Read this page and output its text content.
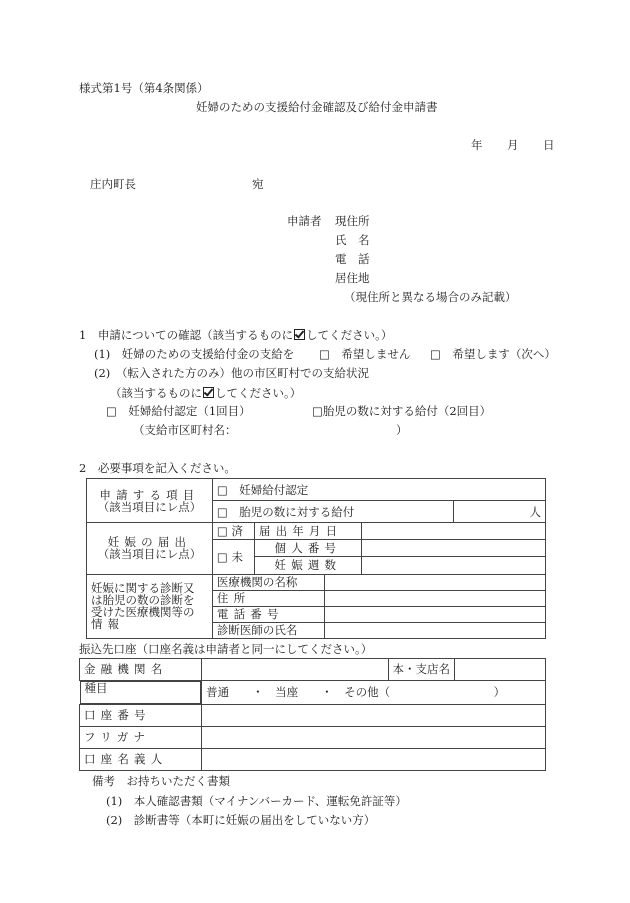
様式第1号（第4条関係）
妊婦のための支援給付金確認及び給付金申請書
年 月 日
庄内町長	宛
申請者 現住所
氏　名
電　話
居住地
（現住所と異なる場合のみ記載）
1　申請についての確認（該当するものに してください。）
(1)　妊婦のための支援給付金の支給を □　希望しません □　希望します（次へ）
(2)　（転入された方のみ）他の市区町村での支給状況
（該当するものに してください。）
□　妊婦給付認定（1回目）	□胎児の数に対する給付（2回目）
（支給市区町村名：	）
2　必要事項を記入ください。
申請する項目
（該当項目にレ点）	□　妊婦給付認定				
	□　胎児の数に対する給付				人

妊娠の届出
（該当項目にレ点）	□ 済	届出年月日			
	□ 未	個人番号			
		妊娠週数			

妊娠に関する診断又
は胎児の数の診断を
受けた医療機関等の
情報	医療機関の名称				
	住所				
	電話番号				
	診断医師の氏名				
振込先口座（口座名義は申請者と同一にしてください。）
金融機関名		本・支店名	

種目	普通　　・　当座　　・　その他（　　　　　　　　　）		
口座番号			
フリガナ			
口座名義人			
備考　お持ちいただく書類
(1)　本人確認書類（マイナンバーカード、運転免許証等）
(2)　診断書等（本町に妊娠の届出をしていない方）
